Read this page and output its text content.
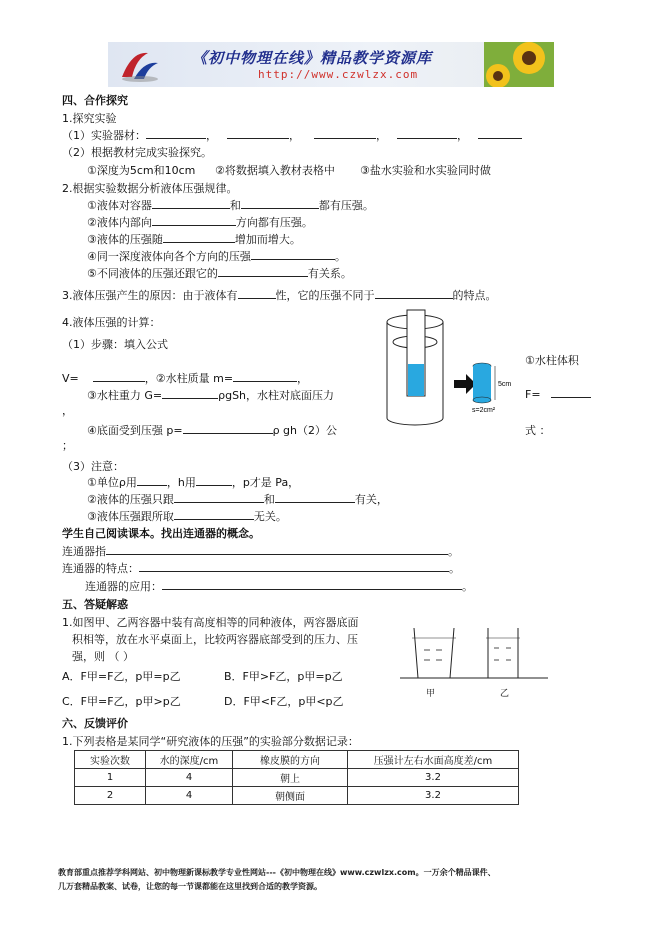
《初中物理在线》精品教学资源库
http://www.czwlzx.com
四、合作探究
1.探究实验
（1）实验器材：	，	，	，	，
（2）根据教材完成实验探究。
①深度为5cm和10cm ②将数据填入教材表格中 ③盐水实验和水实验同时做
2.根据实验数据分析液体压强规律。
①液体对容器	和	都有压强。
②液体内部向	方向都有压强。
③液体的压强随	增加而增大。
④同一深度液体向各个方向的压强	。
⑤不同液体的压强还跟它的	有关系。
3.液体压强产生的原因：由于液体有	性，它的压强不同于	的特点。
4.液体压强的计算：
（1）步骤：填入公式
①水柱体积
V=	，②水柱质量 m=	，
F=
③水柱重力 G=	ρgSh，水柱对底面压力
，
④底面受到压强 p=	ρ gh（2）公	式 ：
；
（3）注意：
①单位ρ用	，h用	，p才是 Pa，
②液体的压强只跟	和	有关，
③液体压强跟所取	无关。
学生自己阅读课本。找出连通器的概念。
连通器指	。
连通器的特点：	。
连通器的应用：	。
5cm
s=2cm²
五、答疑解惑
1.如图甲、乙两容器中装有高度相等的同种液体，两容器底面
积相等，放在水平桌面上，比较两容器底部受到的压力、压
强，则 （ ）
A．F甲=F乙，p甲=p乙	B．F甲>F乙，p甲=p乙
C．F甲=F乙，p甲>p乙	D．F甲<F乙，p甲<p乙
甲	乙
六、反馈评价
1.下列表格是某同学“研究液体的压强”的实验部分数据记录：
实验次数	水的深度/cm	橡皮膜的方向	压强计左右水面高度差/cm
1	4	朝上	3.2
2	4	朝侧面	3.2
教育部重点推荐学科网站、初中物理新课标教学专业性网站---《初中物理在线》www.czwlzx.com。一万余个精品课件、
几万套精品教案、试卷，让您的每一节课都能在这里找到合适的教学资源。
